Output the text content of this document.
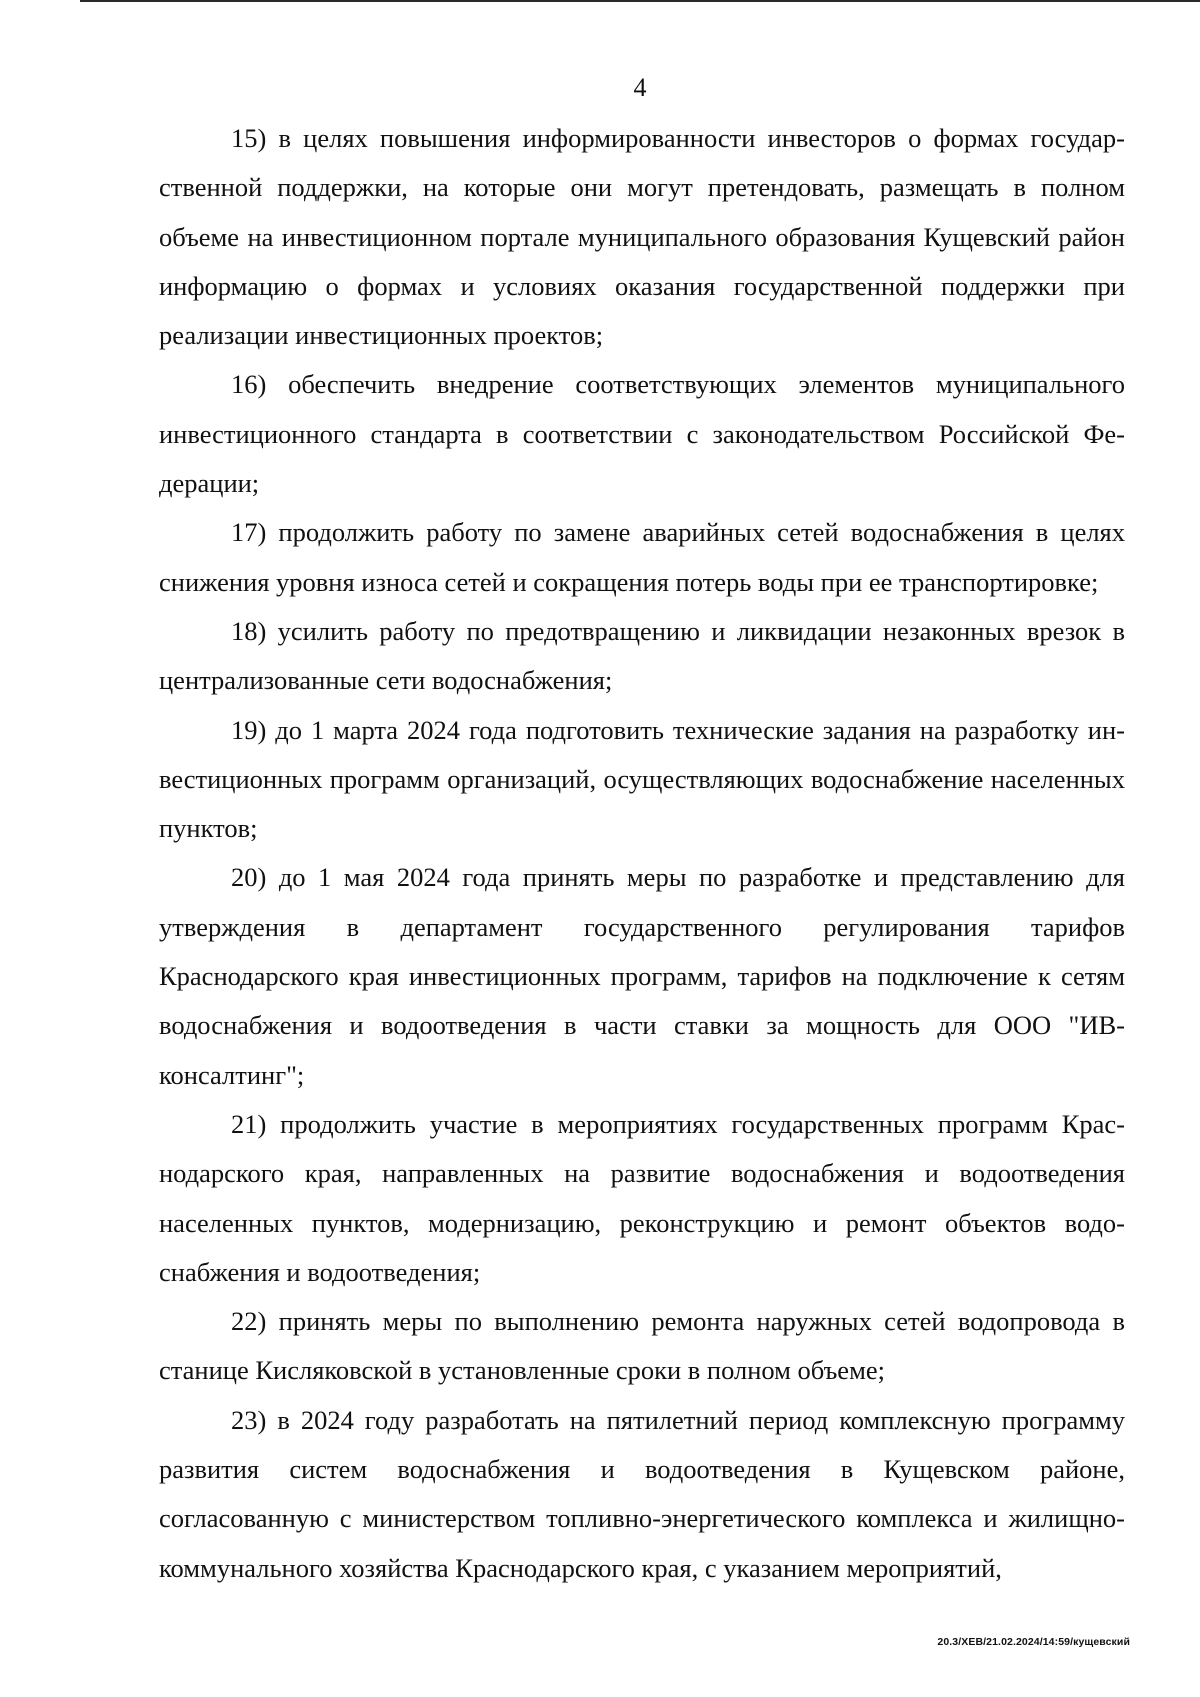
4

15) в целях повышения информированности инвесторов о формах государственной поддержки, на которые они могут претендовать, размещать в полном объеме на инвестиционном портале муниципального образования Кущевский район информацию о формах и условиях оказания государственной поддержки при реализации инвестиционных проектов;

16) обеспечить внедрение соответствующих элементов муниципального инвестиционного стандарта в соответствии с законодательством Российской Федерации;

17) продолжить работу по замене аварийных сетей водоснабжения в целях снижения уровня износа сетей и сокращения потерь воды при ее транспортировке;

18) усилить работу по предотвращению и ликвидации незаконных врезок в централизованные сети водоснабжения;

19) до 1 марта 2024 года подготовить технические задания на разработку инвестиционных программ организаций, осуществляющих водоснабжение населенных пунктов;

20) до 1 мая 2024 года принять меры по разработке и представлению для утверждения в департамент государственного регулирования тарифов Краснодарского края инвестиционных программ, тарифов на подключение к сетям водоснабжения и водоотведения в части ставки за мощность для ООО "ИВ-консалтинг";

21) продолжить участие в мероприятиях государственных программ Краснодарского края, направленных на развитие водоснабжения и водоотведения населенных пунктов, модернизацию, реконструкцию и ремонт объектов водоснабжения и водоотведения;

22) принять меры по выполнению ремонта наружных сетей водопровода в станице Кисляковской в установленные сроки в полном объеме;

23) в 2024 году разработать на пятилетний период комплексную программу развития систем водоснабжения и водоотведения в Кущевском районе, согласованную с министерством топливно-энергетического комплекса и жилищно-коммунального хозяйства Краснодарского края, с указанием мероприятий,

20.3/ХЕВ/21.02.2024/14:59/кущевский
